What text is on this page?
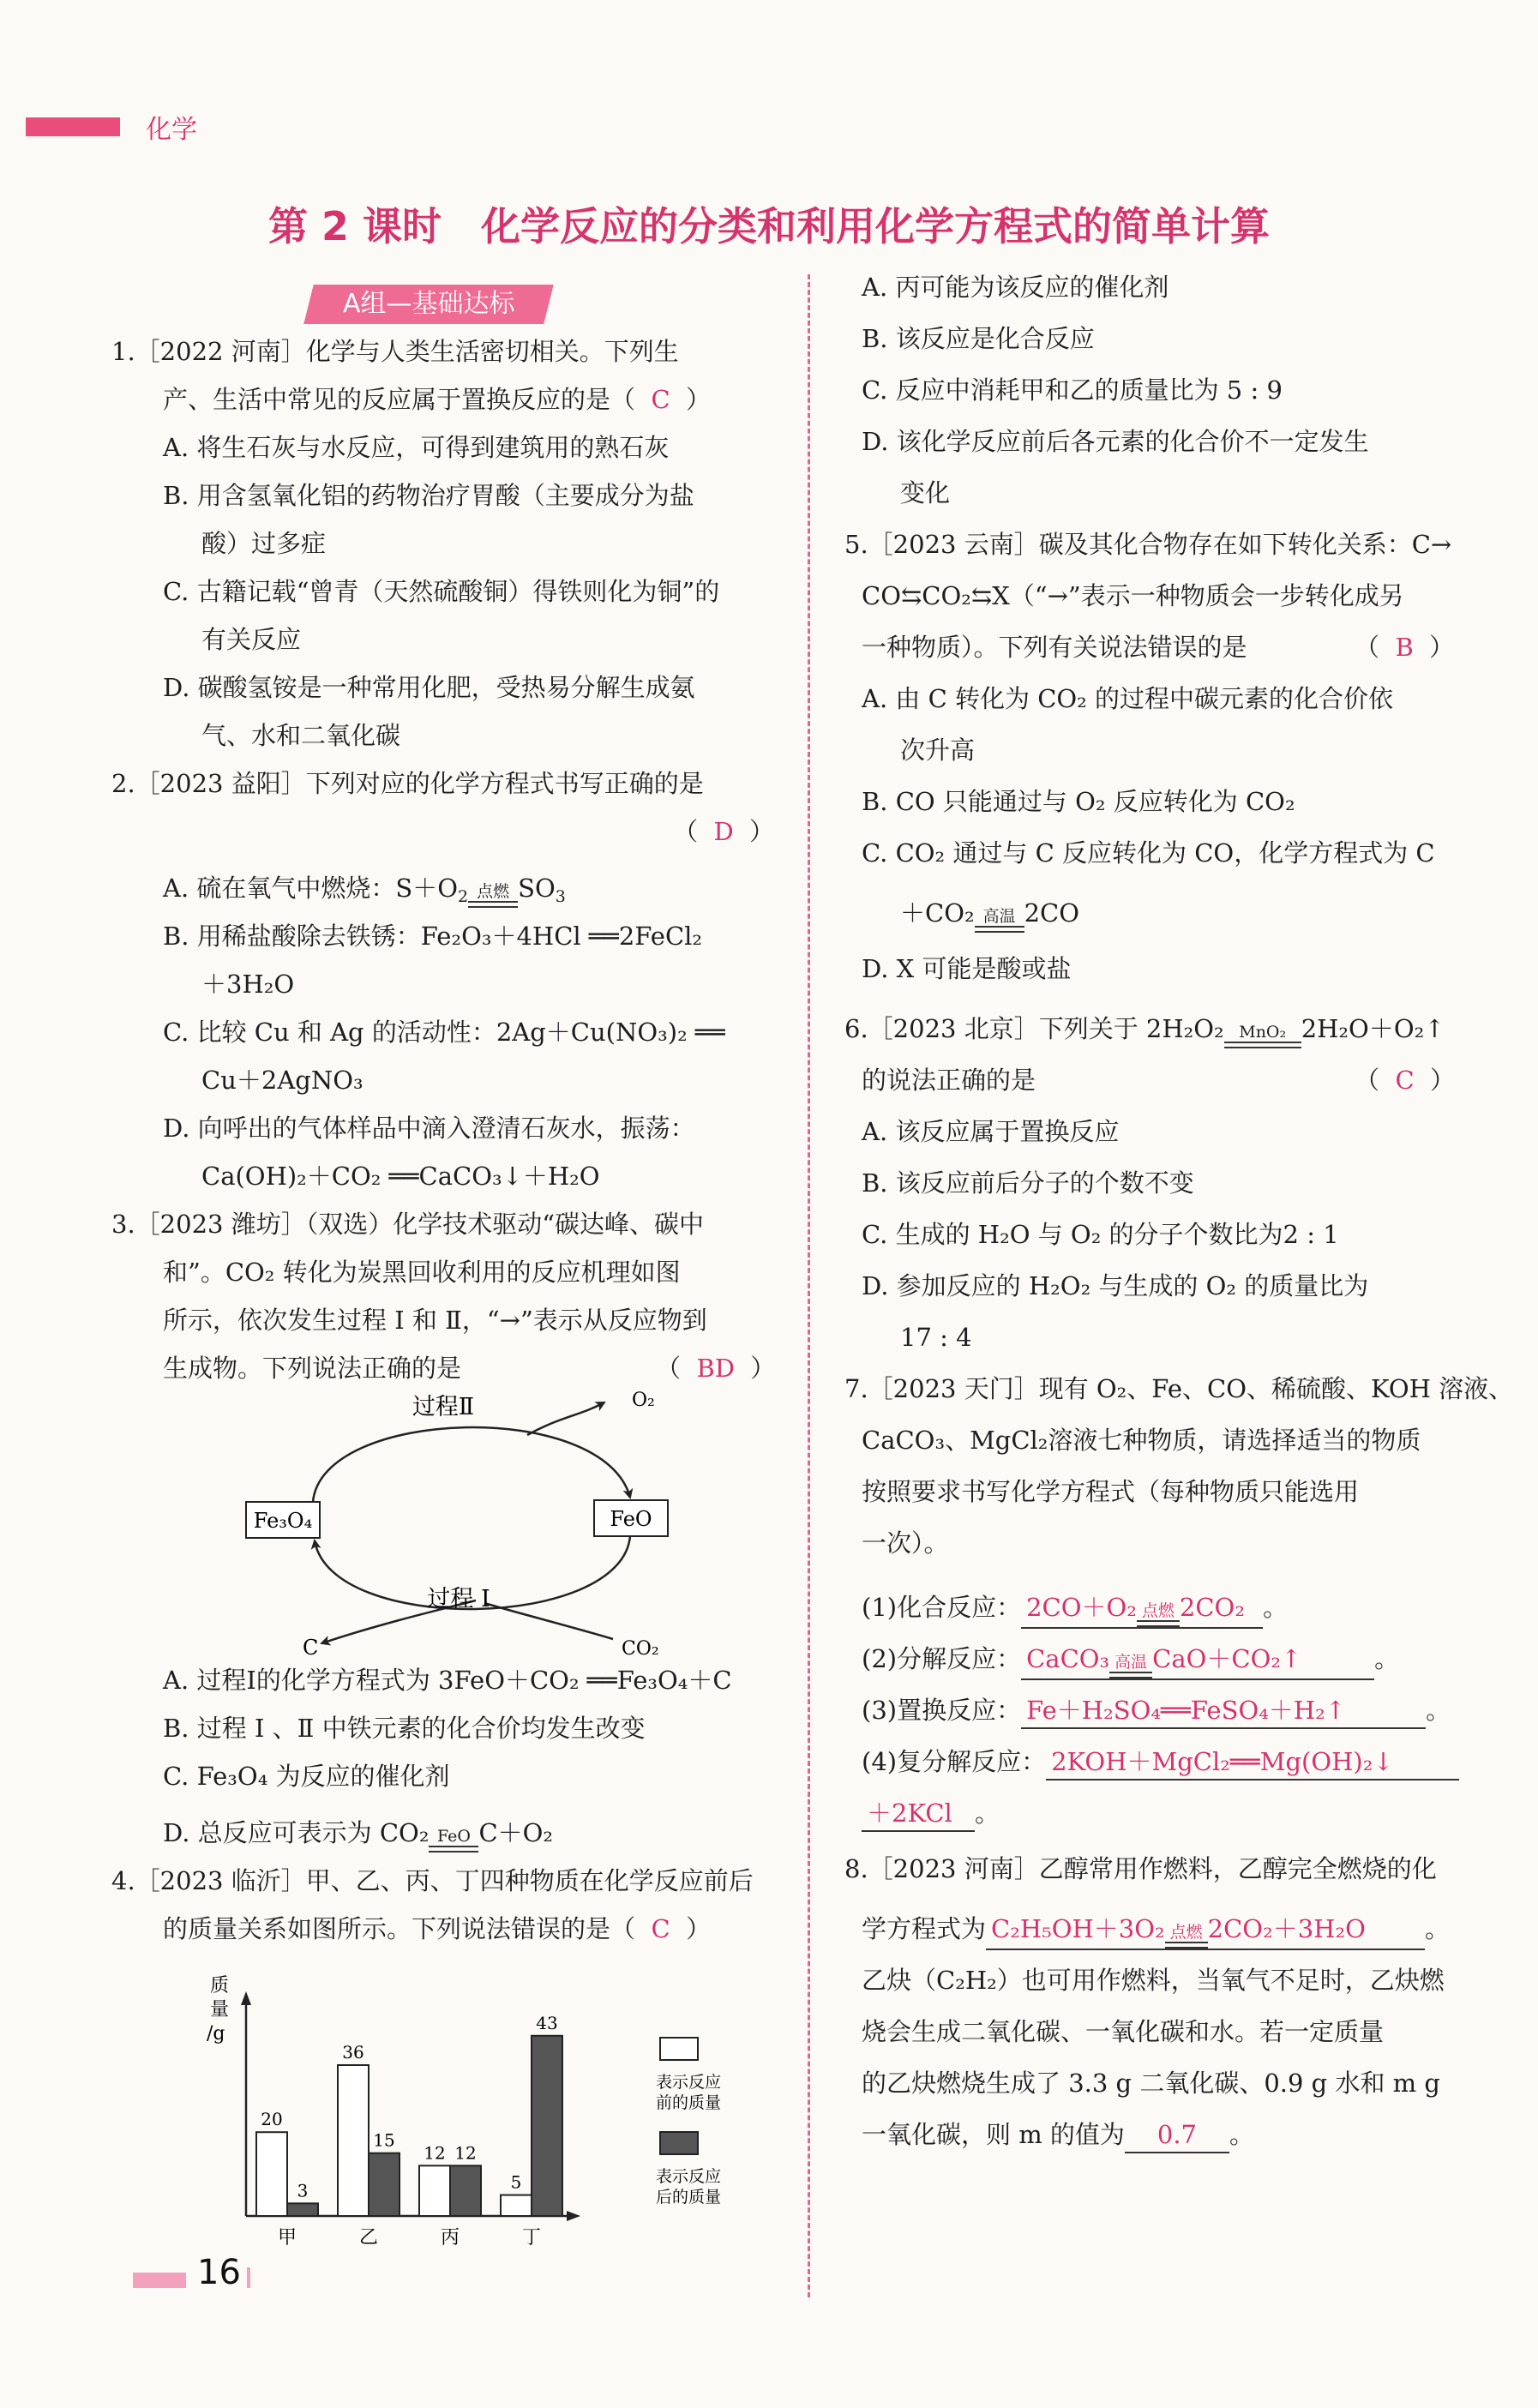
化学
第 2 课时　化学反应的分类和利用化学方程式的简单计算
A组—基础达标
1.［2022 河南］化学与人类生活密切相关。下列生
产、生活中常见的反应属于置换反应的是（ C ）
A. 将生石灰与水反应，可得到建筑用的熟石灰
B. 用含氢氧化铝的药物治疗胃酸（主要成分为盐
酸）过多症
C. 古籍记载“曾青（天然硫酸铜）得铁则化为铜”的
有关反应
D. 碳酸氢铵是一种常用化肥，受热易分解生成氨
气、水和二氧化碳
2.［2023 益阳］下列对应的化学方程式书写正确的是
（  D  ）
A. 硫在氧气中燃烧：$S+O_2$ 点燃 $SO_3$
B. 用稀盐酸除去铁锈：Fe₂O₃＋4HCl ══2FeCl₂
＋3H₂O
C. 比较 Cu 和 Ag 的活动性：2Ag＋Cu(NO₃)₂ ══
Cu＋2AgNO₃
D. 向呼出的气体样品中滴入澄清石灰水，振荡：
Ca(OH)₂＋CO₂ ══CaCO₃↓＋H₂O
3.［2023 潍坊］（双选）化学技术驱动“碳达峰、碳中
和”。CO₂ 转化为炭黑回收利用的反应机理如图
所示，依次发生过程 Ⅰ 和 Ⅱ，“→”表示从反应物到
生成物。下列说法正确的是	（  BD  ）
Fe₃O₄	FeO
过程Ⅱ	O₂
过程 Ⅰ
C	CO₂
A. 过程Ⅰ的化学方程式为 3FeO＋CO₂ ══Fe₃O₄＋C
B. 过程 Ⅰ 、Ⅱ 中铁元素的化合价均发生改变
C. Fe₃O₄ 为反应的催化剂
D. 总反应可表示为 CO₂ FeO C＋O₂
4.［2023 临沂］甲、乙、丙、丁四种物质在化学反应前后
的质量关系如图所示。下列说法错误的是（ C ）
质
量
/g
20
3
甲
36
15
乙
12 12
丙
5
43
丁
表示反应
前的质量
表示反应
后的质量
A. 丙可能为该反应的催化剂
B. 该反应是化合反应
C. 反应中消耗甲和乙的质量比为 5 : 9
D. 该化学反应前后各元素的化合价不一定发生
变化
5.［2023 云南］碳及其化合物存在如下转化关系：C→
CO⇆CO₂⇆X（“→”表示一种物质会一步转化成另
一种物质）。下列有关说法错误的是	（  B  ）
A. 由 C 转化为 CO₂ 的过程中碳元素的化合价依
次升高
B. CO 只能通过与 O₂ 反应转化为 CO₂
C. CO₂ 通过与 C 反应转化为 CO，化学方程式为 C
＋CO₂ 高温 2CO
D. X 可能是酸或盐
6.［2023 北京］下列关于 2H₂O₂ MnO₂ 2H₂O＋O₂↑
的说法正确的是	（  C  ）
A. 该反应属于置换反应
B. 该反应前后分子的个数不变
C. 生成的 H₂O 与 O₂ 的分子个数比为2 : 1
D. 参加反应的 H₂O₂ 与生成的 O₂ 的质量比为
17 : 4
7.［2023 天门］现有 O₂、Fe、CO、稀硫酸、KOH 溶液、
CaCO₃、MgCl₂溶液七种物质，请选择适当的物质
按照要求书写化学方程式（每种物质只能选用
一次）。
(1)化合反应： 2CO＋O₂ 点燃 2CO₂ 。
(2)分解反应： CaCO₃ 高温 CaO＋CO₂↑	。
(3)置换反应： Fe＋H₂SO₄══FeSO₄＋H₂↑	。
(4)复分解反应： 2KOH＋MgCl₂══Mg(OH)₂↓
＋2KCl 。
8.［2023 河南］乙醇常用作燃料，乙醇完全燃烧的化
学方程式为 C₂H₅OH＋3O₂ 点燃 2CO₂＋3H₂O 。
乙炔（C₂H₂）也可用作燃料，当氧气不足时，乙炔燃
烧会生成二氧化碳、一氧化碳和水。若一定质量
的乙炔燃烧生成了 3.3 g 二氧化碳、0.9 g 水和 m g
一氧化碳，则 m 的值为 0.7 。
16
